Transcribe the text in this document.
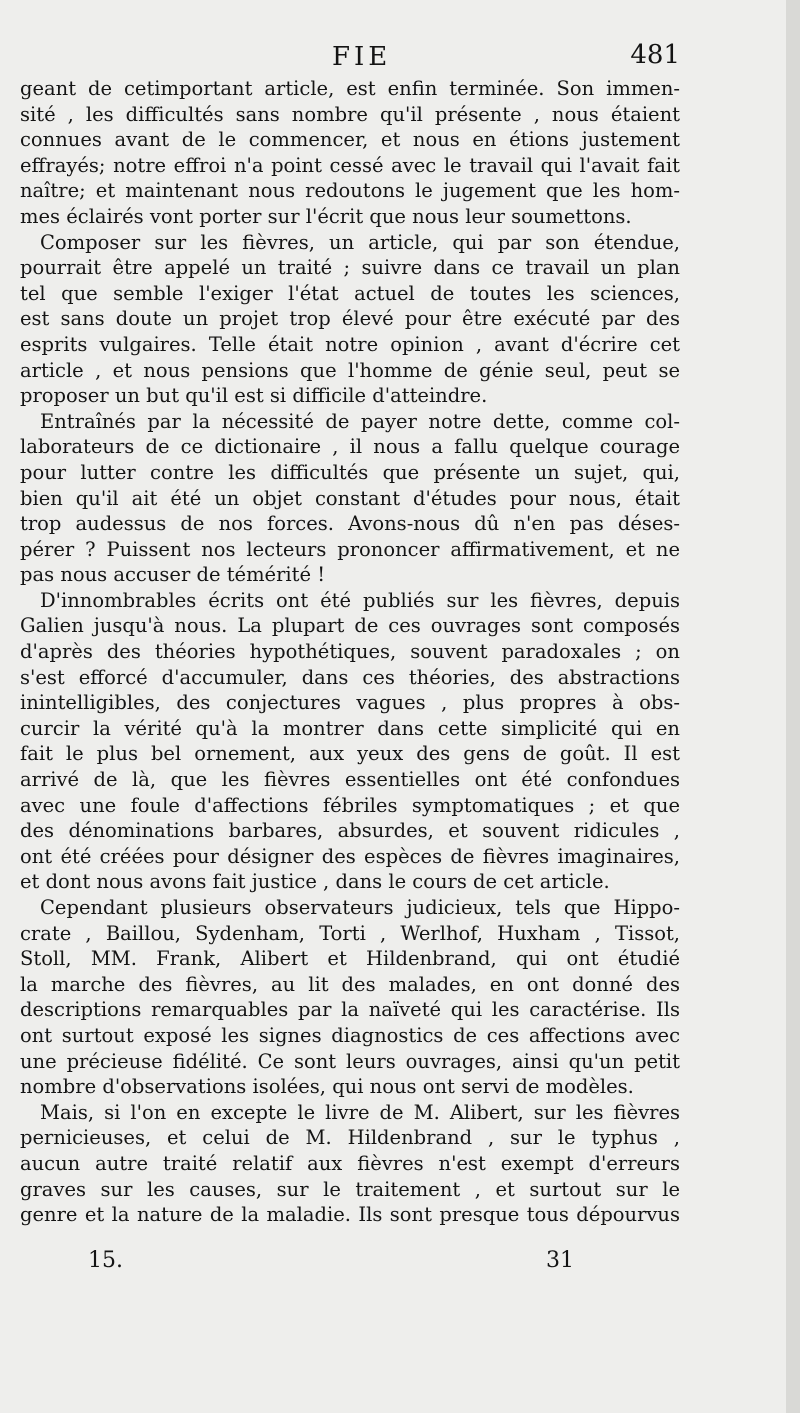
FIE	481
geant de cetimportant article, est enfin terminée. Son immen-
sité , les difficultés sans nombre qu'il présente , nous étaient
connues avant de le commencer, et nous en étions justement
effrayés; notre effroi n'a point cessé avec le travail qui l'avait fait
naître; et maintenant nous redoutons le jugement que les hom-
mes éclairés vont porter sur l'écrit que nous leur soumettons.
Composer sur les fièvres, un article, qui par son étendue,
pourrait être appelé un traité ; suivre dans ce travail un plan
tel que semble l'exiger l'état actuel de toutes les sciences,
est sans doute un projet trop élevé pour être exécuté par des
esprits vulgaires. Telle était notre opinion , avant d'écrire cet
article , et nous pensions que l'homme de génie seul, peut se
proposer un but qu'il est si difficile d'atteindre.
Entraînés par la nécessité de payer notre dette, comme col-
laborateurs de ce dictionaire , il nous a fallu quelque courage
pour lutter contre les difficultés que présente un sujet, qui,
bien qu'il ait été un objet constant d'études pour nous, était
trop audessus de nos forces. Avons-nous dû n'en pas déses-
pérer ? Puissent nos lecteurs prononcer affirmativement, et ne
pas nous accuser de témérité !
D'innombrables écrits ont été publiés sur les fièvres, depuis
Galien jusqu'à nous. La plupart de ces ouvrages sont composés
d'après des théories hypothétiques, souvent paradoxales ; on
s'est efforcé d'accumuler, dans ces théories, des abstractions
inintelligibles, des conjectures vagues , plus propres à obs-
curcir la vérité qu'à la montrer dans cette simplicité qui en
fait le plus bel ornement, aux yeux des gens de goût. Il est
arrivé de là, que les fièvres essentielles ont été confondues
avec une foule d'affections fébriles symptomatiques ; et que
des dénominations barbares, absurdes, et souvent ridicules ,
ont été créées pour désigner des espèces de fièvres imaginaires,
et dont nous avons fait justice , dans le cours de cet article.
Cependant plusieurs observateurs judicieux, tels que Hippo-
crate , Baillou, Sydenham, Torti , Werlhof, Huxham , Tissot,
Stoll, MM. Frank, Alibert et Hildenbrand, qui ont étudié
la marche des fièvres, au lit des malades, en ont donné des
descriptions remarquables par la naïveté qui les caractérise. Ils
ont surtout exposé les signes diagnostics de ces affections avec
une précieuse fidélité. Ce sont leurs ouvrages, ainsi qu'un petit
nombre d'observations isolées, qui nous ont servi de modèles.
Mais, si l'on en excepte le livre de M. Alibert, sur les fièvres
pernicieuses, et celui de M. Hildenbrand , sur le typhus ,
aucun autre traité relatif aux fièvres n'est exempt d'erreurs
graves sur les causes, sur le traitement , et surtout sur le
genre et la nature de la maladie. Ils sont presque tous dépourvus
15.	31
